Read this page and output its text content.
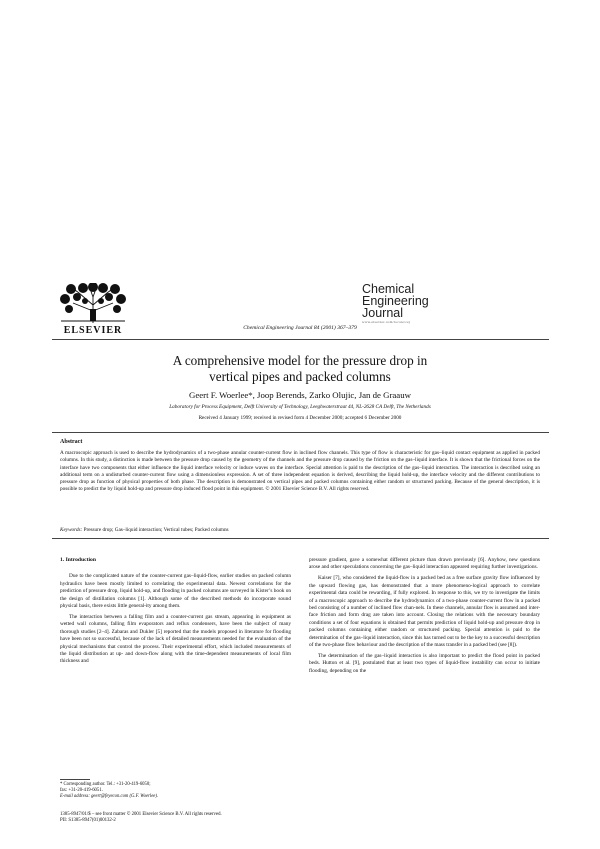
ELSEVIER	Chemical Engineering Journal 84 (2001) 367–379
Chemical
Engineering
Journal
www.elsevier.com/locate/cej
A comprehensive model for the pressure drop in
vertical pipes and packed columns
Geert F. Woerlee*, Joop Berends, Zarko Olujic, Jan de Graauw
Laboratory for Process Equipment, Delft University of Technology, Leeghwaterstraat 44, NL-2628 CA Delft, The Netherlands
Received 4 January 1999; received in revised form 4 December 2000; accepted 6 December 2000
Abstract
A macroscopic approach is used to describe the hydrodynamics of a two-phase annular counter-current flow in inclined flow channels. This type of flow is characteristic for gas–liquid contact equipment as applied in packed columns. In this study, a distinction is made between the pressure drop caused by the geometry of the channels and the pressure drop caused by the friction on the gas–liquid interface. It is shown that the frictional forces on the interface have two components that either influence the liquid interface velocity or induce waves on the interface. Special attention is paid to the description of the gas–liquid interaction. The interaction is described using an additional term on a undisturbed counter-current flow using a dimensionless expression. A set of three independent equation is derived, describing the liquid hold-up, the interface velocity and the different contributions to pressure drop as function of physical properties of both phase. The description is demonstrated on vertical pipes and packed columns containing either random or structured packing. Because of the general description, it is possible to predict the by liquid hold-up and pressure drop induced flood point in this equipment. © 2001 Elsevier Science B.V. All rights reserved.
Keywords: Pressure drop; Gas–liquid interaction; Vertical tubes; Packed columns
1. Introduction

Due to the complicated nature of the counter-current gas–liquid-flow, earlier studies on packed column hydraulics have been mostly limited to correlating the experimental data. Newest correlations for the prediction of pressure drop, liquid hold-up, and flooding in packed columns are surveyed in Kister’s book on the design of distillation columns [1]. Although some of the described methods do incorporate sound physical basis, there exists little general-ity among them.

The interaction between a falling film and a counter-current gas stream, appearing in equipment as wetted wall columns, falling film evaporators and reflux condensers, have been the subject of many thorough studies [2–4]. Zabaras and Dukler [5] reported that the models proposed in literature for flooding have been not so successful, because of the lack of detailed measurements needed for the evaluation of the physical mechanisms that control the process. Their experimental effort, which included measurements of the liquid distribution at up- and down-flow along with the time-dependent measurements of local film thickness and

pressure gradient, gave a somewhat different picture than drawn previously [6]. Anyhow, new questions arose and other speculations concerning the gas–liquid interaction appeared requiring further investigations.

Kaiser [7], who considered the liquid-flow in a packed bed as a free surface gravity flow influenced by the upward flowing gas, has demonstrated that a more phenomeno-logical approach to correlate experimental data could be rewarding, if fully explored. In response to this, we try to investigate the limits of a macroscopic approach to describe the hydrodynamics of a two-phase counter-current flow in a packed bed consisting of a number of inclined flow chan-nels. In these channels, annular flow is assumed and inter-face friction and form drag are taken into account. Closing the relations with the necessary boundary conditions a set of four equations is obtained that permits prediction of liquid hold-up and pressure drop in packed columns containing either random or structured packing. Special attention is paid to the determination of the gas–liquid interaction, since this has turned out to be the key to a successful description of the two-phase flow behaviour and the description of the mass transfer in a packed bed (see [8]).

The determination of the gas–liquid interaction is also important to predict the flood point in packed beds. Hutton et al. [9], postulated that at least two types of liquid-flow instability can occur to initiate flooding, depending on the

* Corresponding author. Tel.: +31-20-419-6050;
fax: +31-20-419-6051.
E-mail address: geert@feyecon.com (G.F. Woerlee).
1385-8947/01/$ – see front matter © 2001 Elsevier Science B.V. All rights reserved.
PII: S1385-8947(01)00132-2
